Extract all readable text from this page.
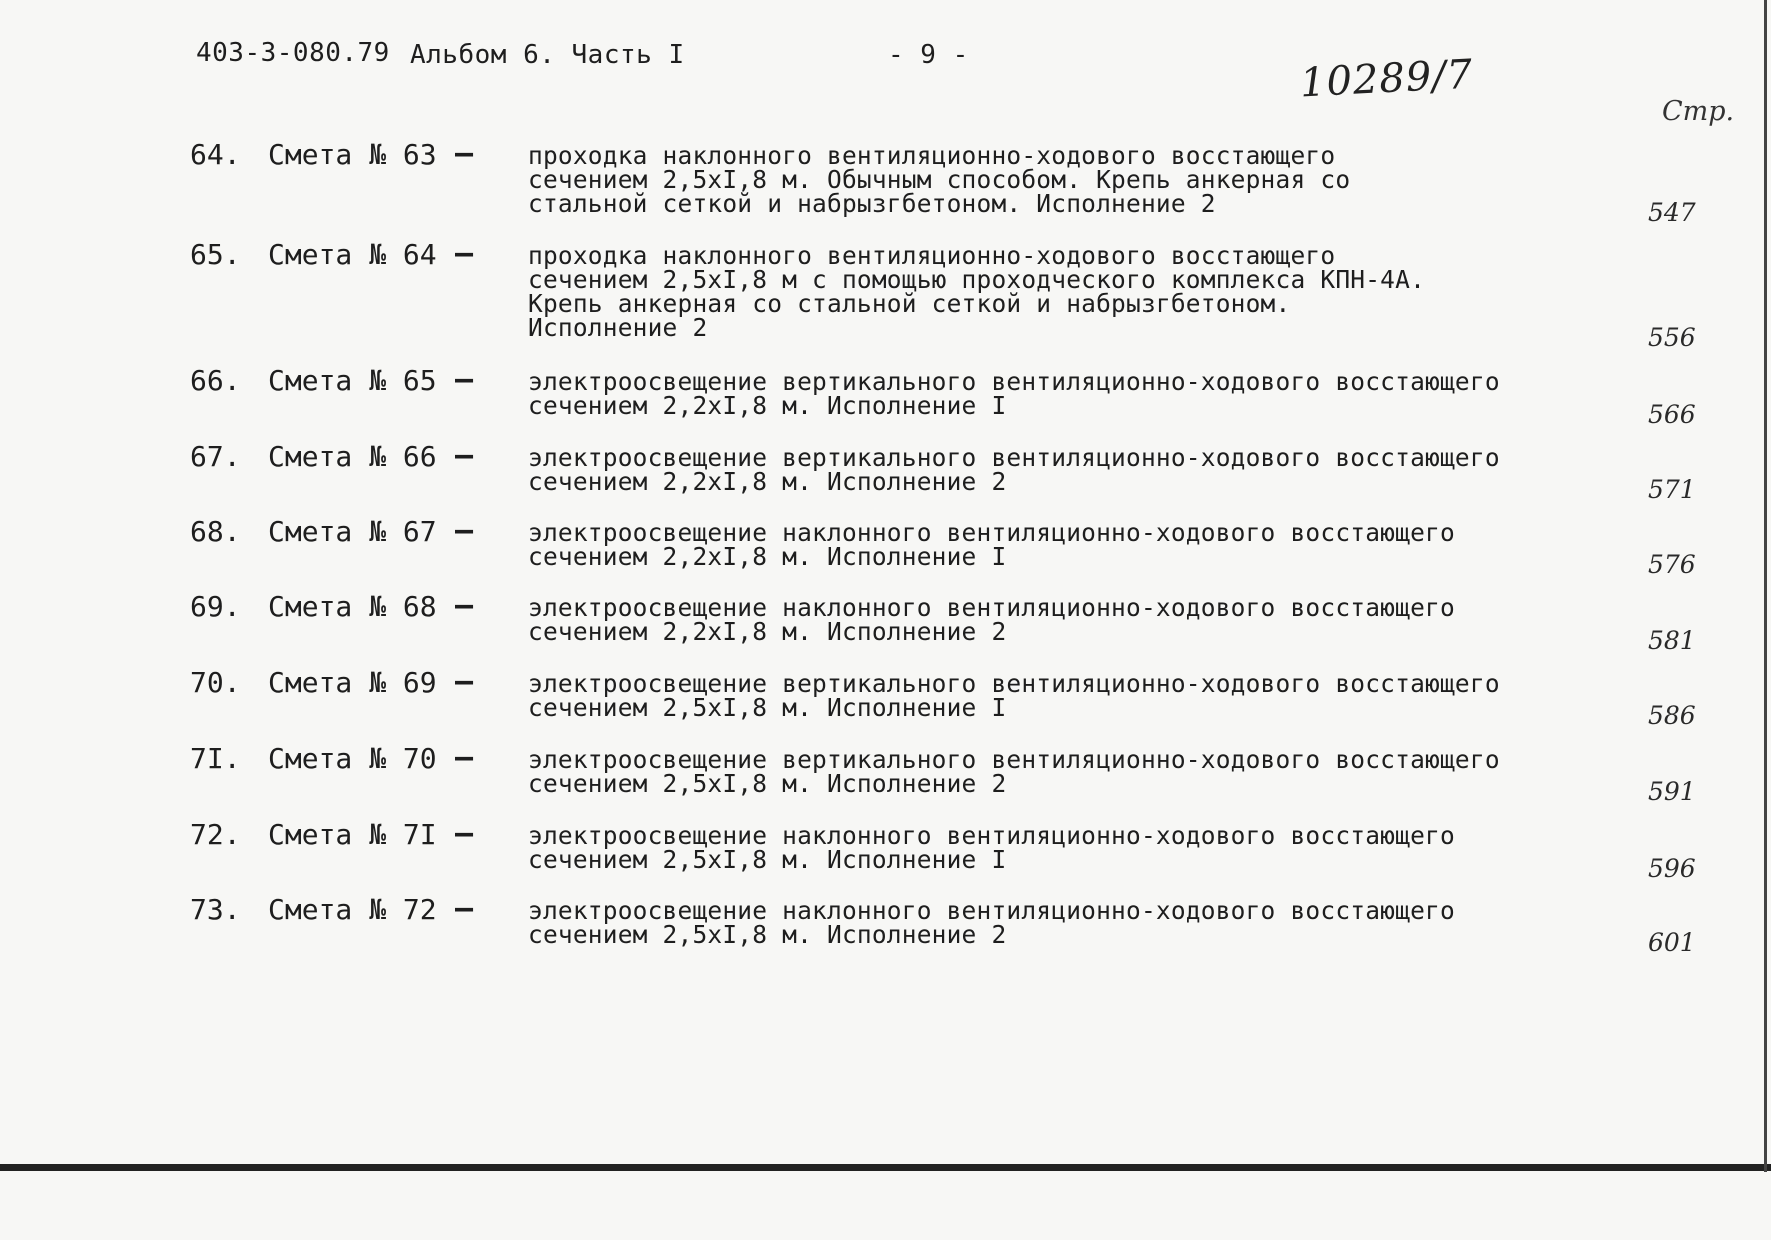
403-3-080.79 Альбом 6. Часть I	- 9 -	10289/7
Стр.
64. Смета № 63 – проходка наклонного вентиляционно-ходового восстающего
сечением 2,5хI,8 м. Обычным способом. Крепь анкерная со
стальной сеткой и набрызгбетоном. Исполнение 2	547
65. Смета № 64 – проходка наклонного вентиляционно-ходового восстающего
сечением 2,5хI,8 м с помощью проходческого комплекса КПН-4А.
Крепь анкерная со стальной сеткой и набрызгбетоном.
Исполнение 2	556
66. Смета № 65 – электроосвещение вертикального вентиляционно-ходового восстающего
сечением 2,2хI,8 м. Исполнение I	566
67. Смета № 66 – электроосвещение вертикального вентиляционно-ходового восстающего
сечением 2,2хI,8 м. Исполнение 2	571
68. Смета № 67 – электроосвещение наклонного вентиляционно-ходового восстающего
сечением 2,2хI,8 м. Исполнение I	576
69. Смета № 68 – электроосвещение наклонного вентиляционно-ходового восстающего
сечением 2,2хI,8 м. Исполнение 2	581
70. Смета № 69 – электроосвещение вертикального вентиляционно-ходового восстающего
сечением 2,5хI,8 м. Исполнение I	586
7I. Смета № 70 – электроосвещение вертикального вентиляционно-ходового восстающего
сечением 2,5хI,8 м. Исполнение 2	591
72. Смета № 7I – электроосвещение наклонного вентиляционно-ходового восстающего
сечением 2,5хI,8 м. Исполнение I	596
73. Смета № 72 – электроосвещение наклонного вентиляционно-ходового восстающего
сечением 2,5хI,8 м. Исполнение 2	601
